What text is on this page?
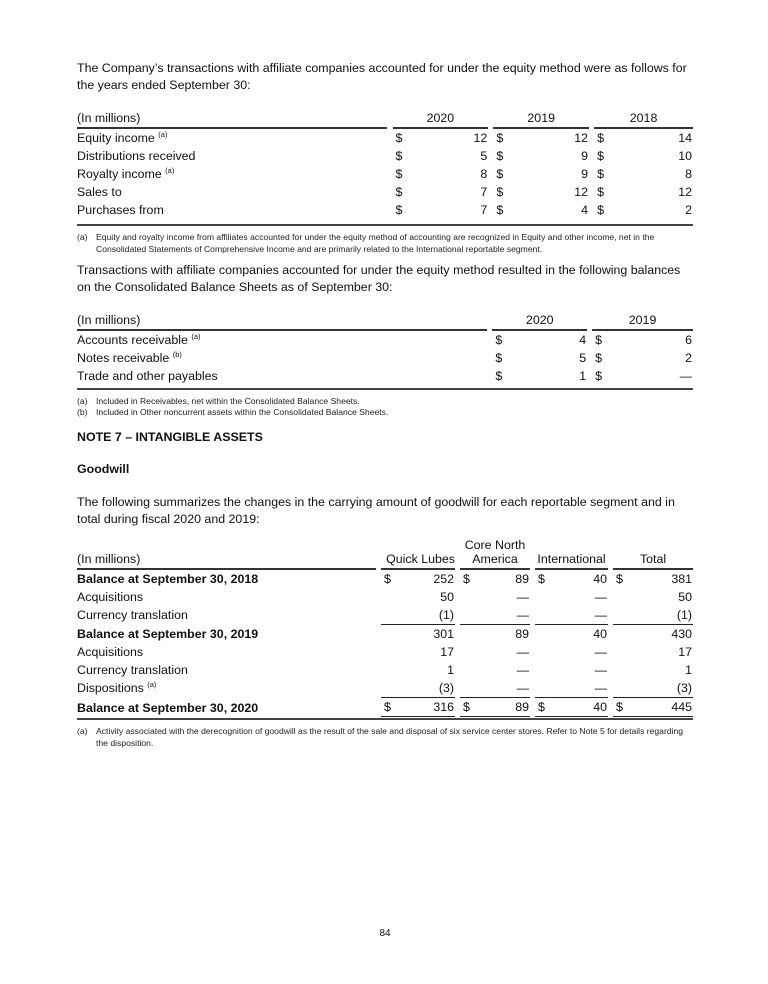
The Company’s transactions with affiliate companies accounted for under the equity method were as follows for the years ended September 30:

(In millions)		2020			2019			2018	
Equity income $^{(a)}$		$	12		$	12		$	14
Distributions received		$	5		$	9		$	10
Royalty income $^{(a)}$		$	8		$	9		$	8
Sales to		$	7		$	12		$	12
Purchases from		$	7		$	4		$	2
(a) Equity and royalty income from affiliates accounted for under the equity method of accounting are recognized in Equity and other income, net in the Consolidated Statements of Comprehensive Income and are primarily related to the International reportable segment.

Transactions with affiliate companies accounted for under the equity method resulted in the following balances on the Consolidated Balance Sheets as of September 30:

(In millions)		2020			2019	
Accounts receivable $^{(a)}$		$	4		$	6
Notes receivable $^{(b)}$		$	5		$	2
Trade and other payables		$	1		$	—
(a) Included in Receivables, net within the Consolidated Balance Sheets.
(b) Included in Other noncurrent assets within the Consolidated Balance Sheets.

NOTE 7 – INTANGIBLE ASSETS

Goodwill

The following summarizes the changes in the carrying amount of goodwill for each reportable segment and in total during fiscal 2020 and 2019:

(In millions)		Quick Lubes			Core North
America			International			Total	
Balance at September 30, 2018		$	252		$	89		$	40		$	381
Acquisitions			50			—			—			50
Currency translation			(1)			—			—			(1)
Balance at September 30, 2019			301			89			40			430
Acquisitions			17			—			—			17
Currency translation			1			—			—			1
Dispositions $^{(a)}$			(3)			—			—			(3)
Balance at September 30, 2020		$	316		$	89		$	40		$	445
(a) Activity associated with the derecognition of goodwill as the result of the sale and disposal of six service center stores. Refer to Note 5 for details regarding the disposition.
84
